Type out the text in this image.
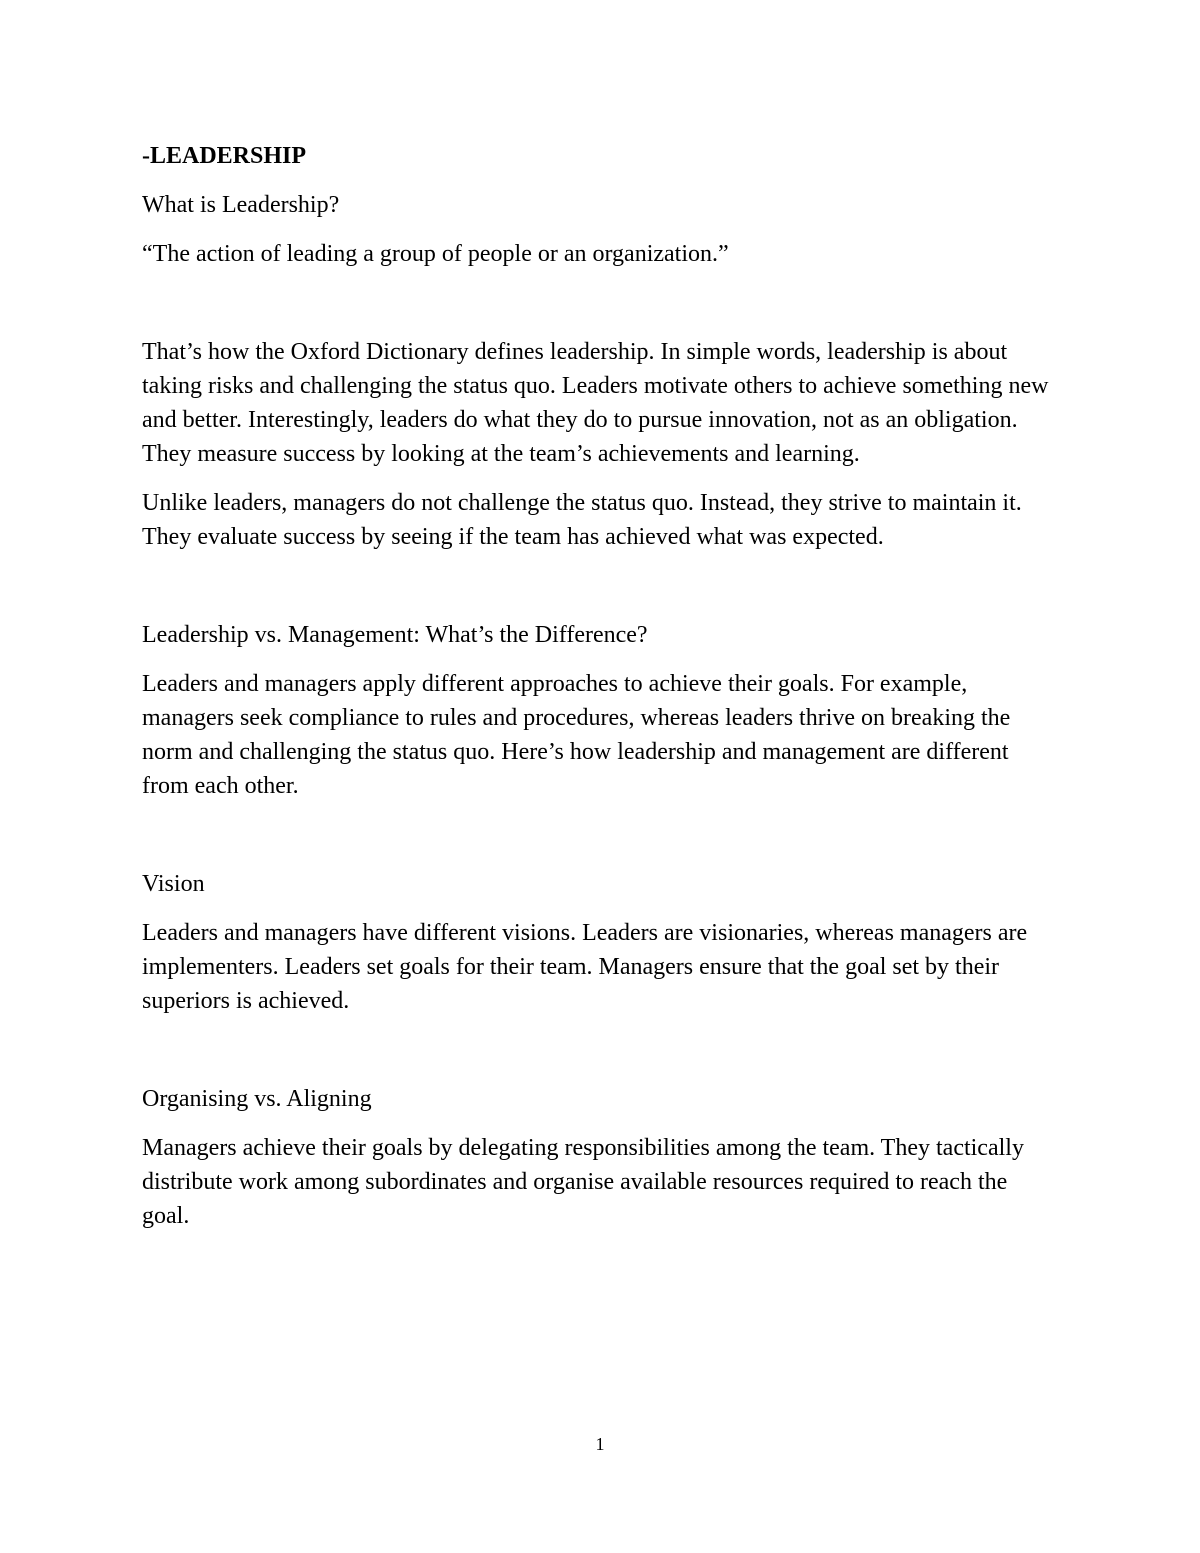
-LEADERSHIP

What is Leadership?

“The action of leading a group of people or an organization.”

That’s how the Oxford Dictionary defines leadership. In simple words, leadership is about taking risks and challenging the status quo. Leaders motivate others to achieve something new and better. Interestingly, leaders do what they do to pursue innovation, not as an obligation. They measure success by looking at the team’s achievements and learning.

Unlike leaders, managers do not challenge the status quo. Instead, they strive to maintain it. They evaluate success by seeing if the team has achieved what was expected.

Leadership vs. Management: What’s the Difference?

Leaders and managers apply different approaches to achieve their goals. For example, managers seek compliance to rules and procedures, whereas leaders thrive on breaking the norm and challenging the status quo. Here’s how leadership and management are different from each other.

Vision

Leaders and managers have different visions. Leaders are visionaries, whereas managers are implementers. Leaders set goals for their team. Managers ensure that the goal set by their superiors is achieved.

Organising vs. Aligning

Managers achieve their goals by delegating responsibilities among the team. They tactically distribute work among subordinates and organise available resources required to reach the goal.

1
